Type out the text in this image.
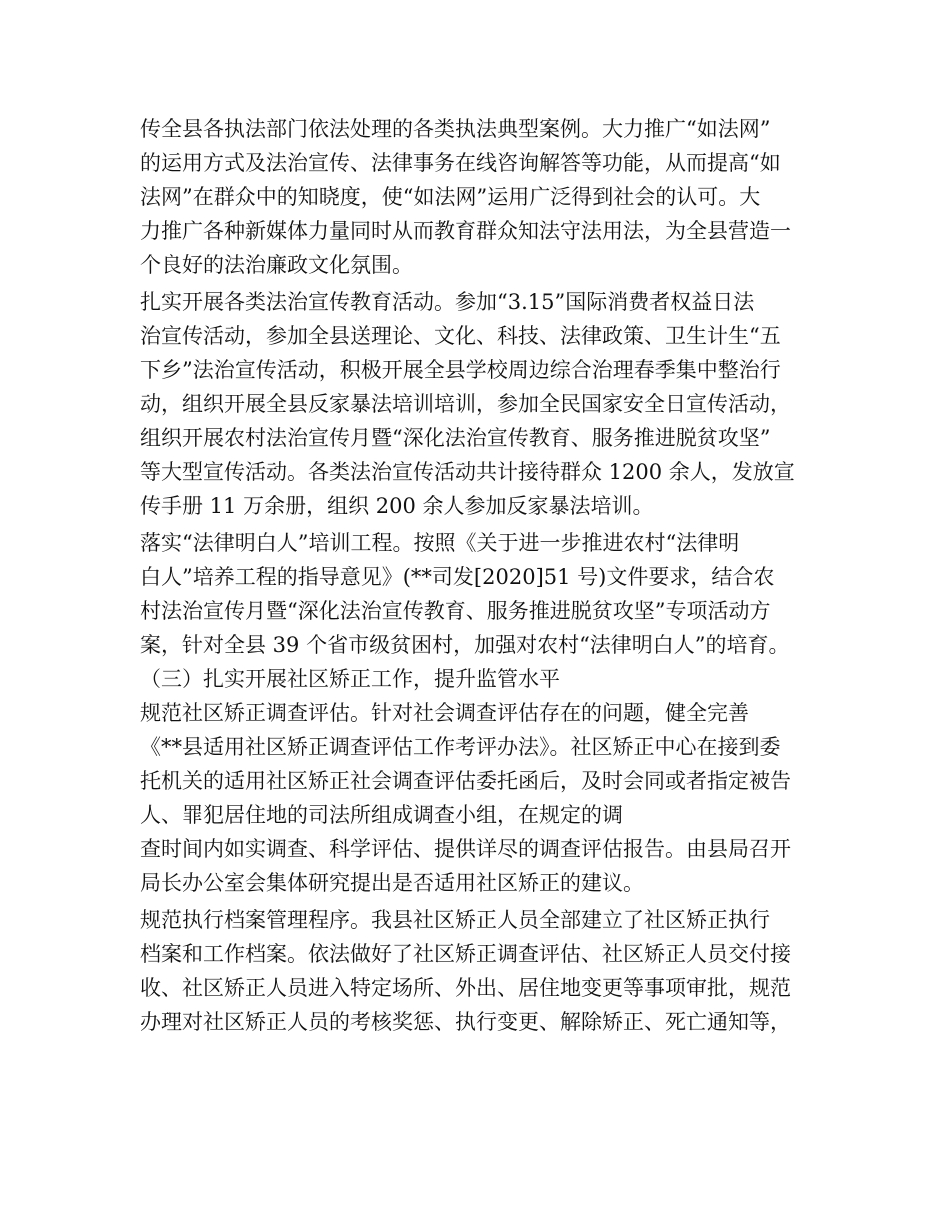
传全县各执法部门依法处理的各类执法典型案例。大力推广“如法网”
的运用方式及法治宣传、法律事务在线咨询解答等功能，从而提高“如
法网”在群众中的知晓度，使“如法网”运用广泛得到社会的认可。大
力推广各种新媒体力量同时从而教育群众知法守法用法，为全县营造一
个良好的法治廉政文化氛围。
扎实开展各类法治宣传教育活动。参加“3.15”国际消费者权益日法
治宣传活动，参加全县送理论、文化、科技、法律政策、卫生计生“五
下乡”法治宣传活动，积极开展全县学校周边综合治理春季集中整治行
动，组织开展全县反家暴法培训培训，参加全民国家安全日宣传活动，
组织开展农村法治宣传月暨“深化法治宣传教育、服务推进脱贫攻坚”
等大型宣传活动。各类法治宣传活动共计接待群众 1200 余人，发放宣
传手册 11 万余册，组织 200 余人参加反家暴法培训。
落实“法律明白人”培训工程。按照《关于进一步推进农村“法律明
白人”培养工程的指导意见》(**司发[2020]51 号)文件要求，结合农
村法治宣传月暨“深化法治宣传教育、服务推进脱贫攻坚”专项活动方
案，针对全县 39 个省市级贫困村，加强对农村“法律明白人”的培育。
（三）扎实开展社区矫正工作，提升监管水平
规范社区矫正调查评估。针对社会调查评估存在的问题，健全完善
《**县适用社区矫正调查评估工作考评办法》。社区矫正中心在接到委
托机关的适用社区矫正社会调查评估委托函后，及时会同或者指定被告
人、罪犯居住地的司法所组成调查小组，在规定的调
查时间内如实调查、科学评估、提供详尽的调查评估报告。由县局召开
局长办公室会集体研究提出是否适用社区矫正的建议。
规范执行档案管理程序。我县社区矫正人员全部建立了社区矫正执行
档案和工作档案。依法做好了社区矫正调查评估、社区矫正人员交付接
收、社区矫正人员进入特定场所、外出、居住地变更等事项审批，规范
办理对社区矫正人员的考核奖惩、执行变更、解除矫正、死亡通知等，
